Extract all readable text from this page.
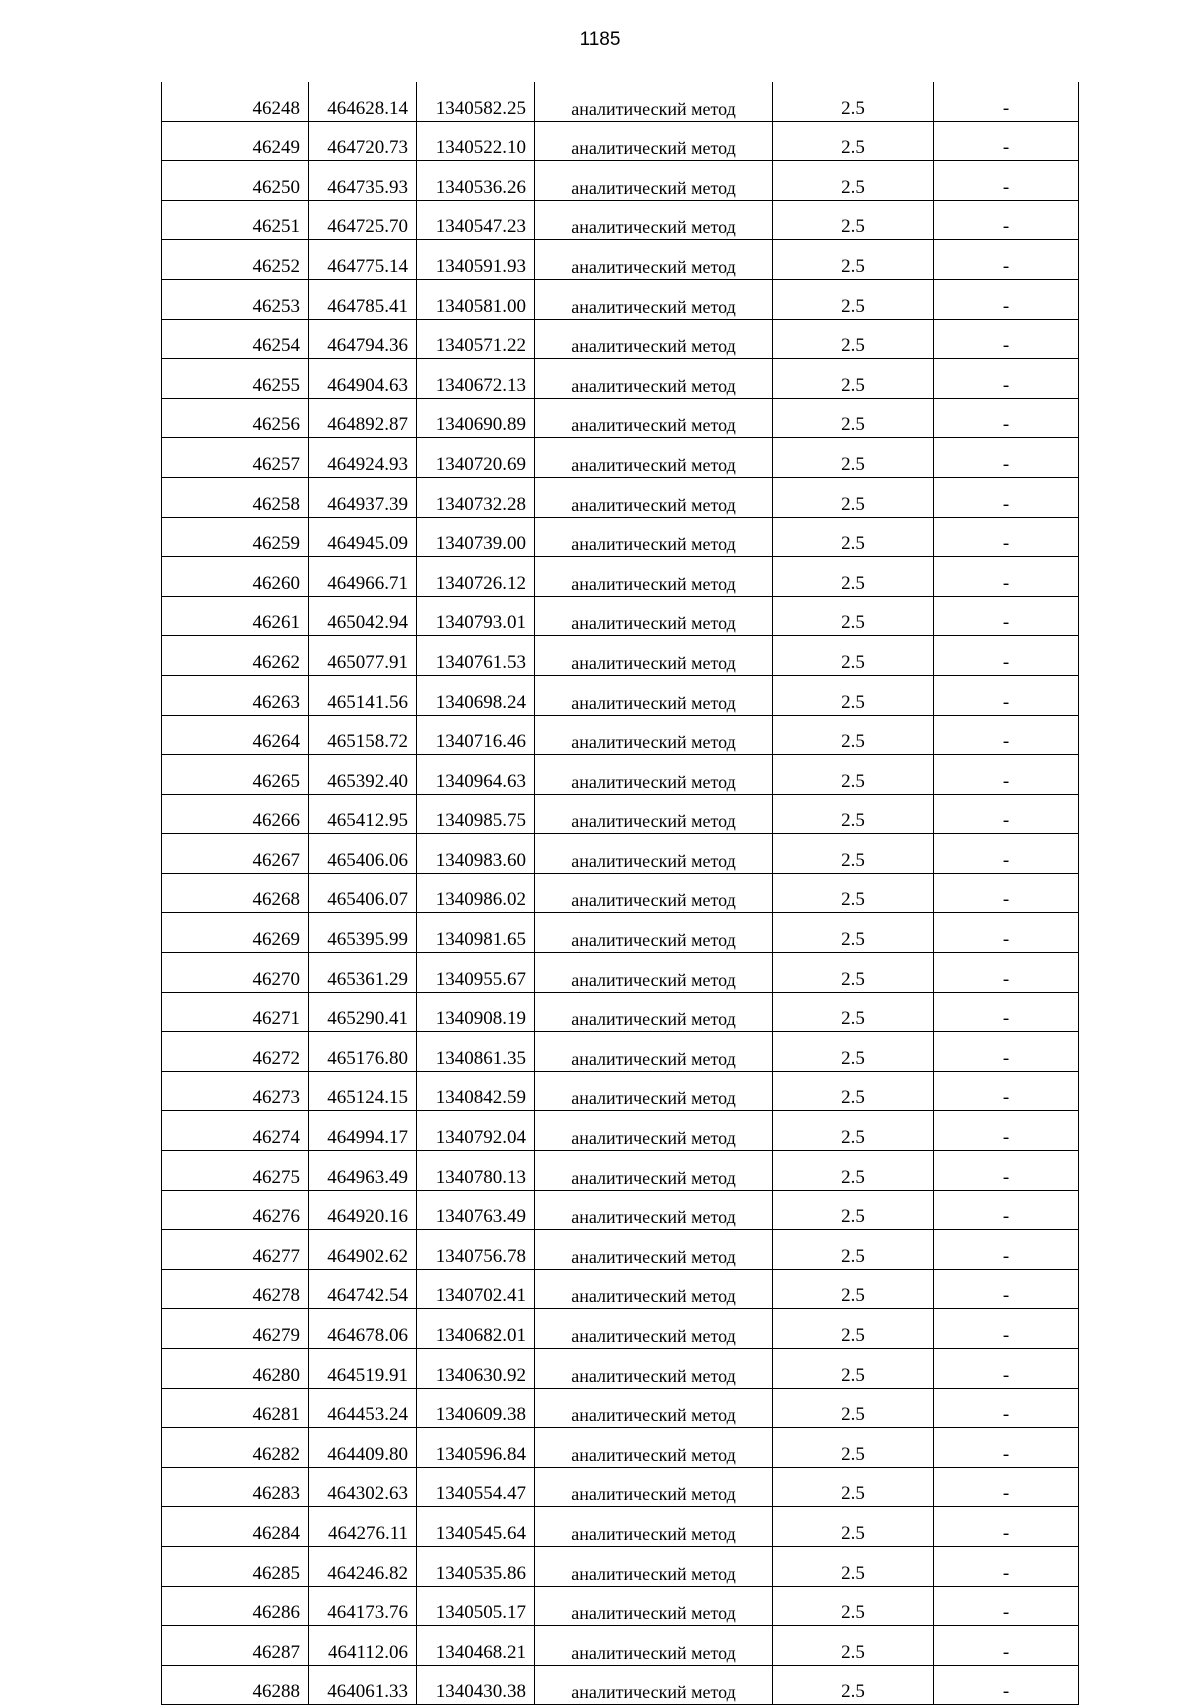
1185
46248	464628.14	1340582.25	аналитический метод	2.5	-
46249	464720.73	1340522.10	аналитический метод	2.5	-
46250	464735.93	1340536.26	аналитический метод	2.5	-
46251	464725.70	1340547.23	аналитический метод	2.5	-
46252	464775.14	1340591.93	аналитический метод	2.5	-
46253	464785.41	1340581.00	аналитический метод	2.5	-
46254	464794.36	1340571.22	аналитический метод	2.5	-
46255	464904.63	1340672.13	аналитический метод	2.5	-
46256	464892.87	1340690.89	аналитический метод	2.5	-
46257	464924.93	1340720.69	аналитический метод	2.5	-
46258	464937.39	1340732.28	аналитический метод	2.5	-
46259	464945.09	1340739.00	аналитический метод	2.5	-
46260	464966.71	1340726.12	аналитический метод	2.5	-
46261	465042.94	1340793.01	аналитический метод	2.5	-
46262	465077.91	1340761.53	аналитический метод	2.5	-
46263	465141.56	1340698.24	аналитический метод	2.5	-
46264	465158.72	1340716.46	аналитический метод	2.5	-
46265	465392.40	1340964.63	аналитический метод	2.5	-
46266	465412.95	1340985.75	аналитический метод	2.5	-
46267	465406.06	1340983.60	аналитический метод	2.5	-
46268	465406.07	1340986.02	аналитический метод	2.5	-
46269	465395.99	1340981.65	аналитический метод	2.5	-
46270	465361.29	1340955.67	аналитический метод	2.5	-
46271	465290.41	1340908.19	аналитический метод	2.5	-
46272	465176.80	1340861.35	аналитический метод	2.5	-
46273	465124.15	1340842.59	аналитический метод	2.5	-
46274	464994.17	1340792.04	аналитический метод	2.5	-
46275	464963.49	1340780.13	аналитический метод	2.5	-
46276	464920.16	1340763.49	аналитический метод	2.5	-
46277	464902.62	1340756.78	аналитический метод	2.5	-
46278	464742.54	1340702.41	аналитический метод	2.5	-
46279	464678.06	1340682.01	аналитический метод	2.5	-
46280	464519.91	1340630.92	аналитический метод	2.5	-
46281	464453.24	1340609.38	аналитический метод	2.5	-
46282	464409.80	1340596.84	аналитический метод	2.5	-
46283	464302.63	1340554.47	аналитический метод	2.5	-
46284	464276.11	1340545.64	аналитический метод	2.5	-
46285	464246.82	1340535.86	аналитический метод	2.5	-
46286	464173.76	1340505.17	аналитический метод	2.5	-
46287	464112.06	1340468.21	аналитический метод	2.5	-
46288	464061.33	1340430.38	аналитический метод	2.5	-
